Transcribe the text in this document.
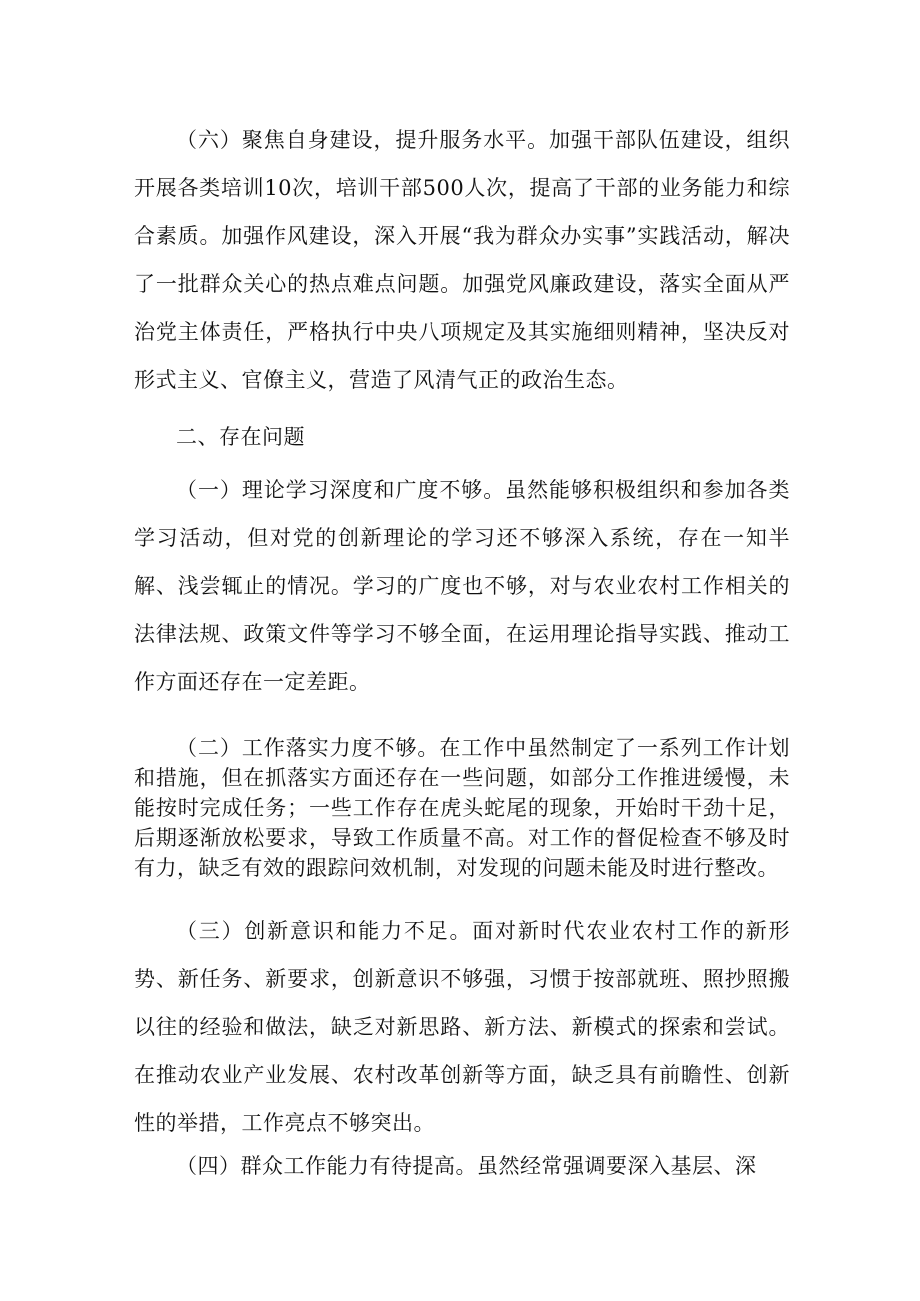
（六）聚焦自身建设，提升服务水平。加强干部队伍建设，组织开展各类培训10次，培训干部500人次，提高了干部的业务能力和综合素质。加强作风建设，深入开展“我为群众办实事”实践活动，解决了一批群众关心的热点难点问题。加强党风廉政建设，落实全面从严治党主体责任，严格执行中央八项规定及其实施细则精神，坚决反对形式主义、官僚主义，营造了风清气正的政治生态。

二、存在问题

（一）理论学习深度和广度不够。虽然能够积极组织和参加各类学习活动，但对党的创新理论的学习还不够深入系统，存在一知半解、浅尝辄止的情况。学习的广度也不够，对与农业农村工作相关的法律法规、政策文件等学习不够全面，在运用理论指导实践、推动工作方面还存在一定差距。

（二）工作落实力度不够。在工作中虽然制定了一系列工作计划和措施，但在抓落实方面还存在一些问题，如部分工作推进缓慢，未能按时完成任务；一些工作存在虎头蛇尾的现象，开始时干劲十足，后期逐渐放松要求，导致工作质量不高。对工作的督促检查不够及时有力，缺乏有效的跟踪问效机制，对发现的问题未能及时进行整改。

（三）创新意识和能力不足。面对新时代农业农村工作的新形势、新任务、新要求，创新意识不够强，习惯于按部就班、照抄照搬以往的经验和做法，缺乏对新思路、新方法、新模式的探索和尝试。在推动农业产业发展、农村改革创新等方面，缺乏具有前瞻性、创新性的举措，工作亮点不够突出。

（四）群众工作能力有待提高。虽然经常强调要深入基层、深
